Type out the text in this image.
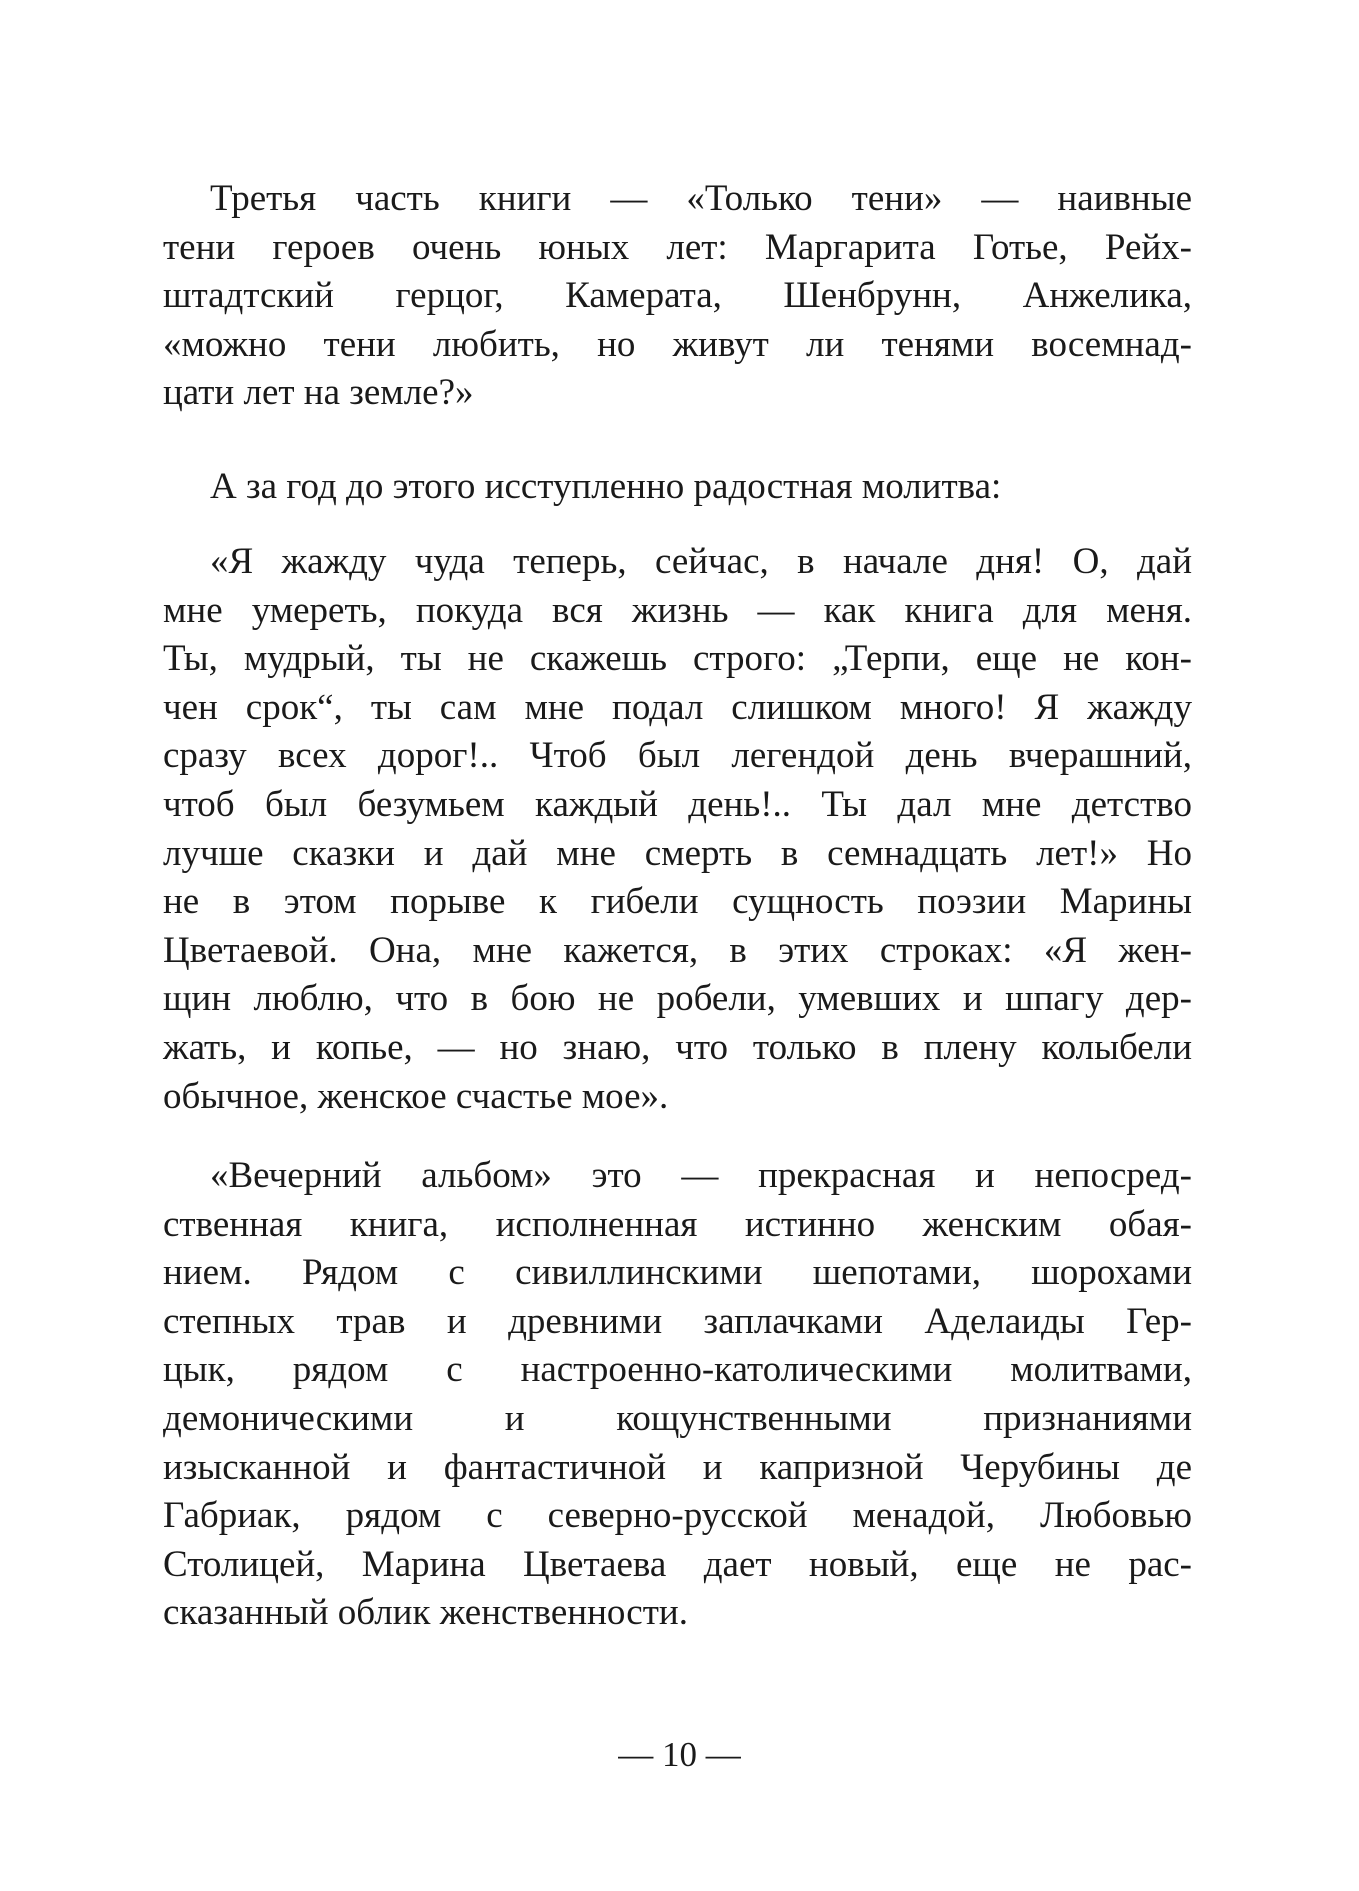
Третья часть книги — «Только тени» — наивные
тени героев очень юных лет: Маргарита Готье, Рейх-
штадтский герцог, Камерата, Шенбрунн, Анжелика,
«можно тени любить, но живут ли тенями восемнад-
цати лет на земле?»
А за год до этого исступленно радостная молитва:
«Я жажду чуда теперь, сейчас, в начале дня! О, дай
мне умереть, покуда вся жизнь — как книга для меня.
Ты, мудрый, ты не скажешь строго: „Терпи, еще не кон-
чен срок“, ты сам мне подал слишком много! Я жажду
сразу всех дорог!.. Чтоб был легендой день вчерашний,
чтоб был безумьем каждый день!.. Ты дал мне детство
лучше сказки и дай мне смерть в семнадцать лет!» Но
не в этом порыве к гибели сущность поэзии Марины
Цветаевой. Она, мне кажется, в этих строках: «Я жен-
щин люблю, что в бою не робели, умевших и шпагу дер-
жать, и копье, — но знаю, что только в плену колыбели
обычное, женское счастье мое».
«Вечерний альбом» это — прекрасная и непосред-
ственная книга, исполненная истинно женским обая-
нием. Рядом с сивиллинскими шепотами, шорохами
степных трав и древними заплачками Аделаиды Гер-
цык, рядом с настроенно-католическими молитвами,
демоническими и кощунственными признаниями
изысканной и фантастичной и капризной Черубины де
Габриак, рядом с северно-русской менадой, Любовью
Столицей, Марина Цветаева дает новый, еще не рас-
сказанный облик женственности.
— 10 —
